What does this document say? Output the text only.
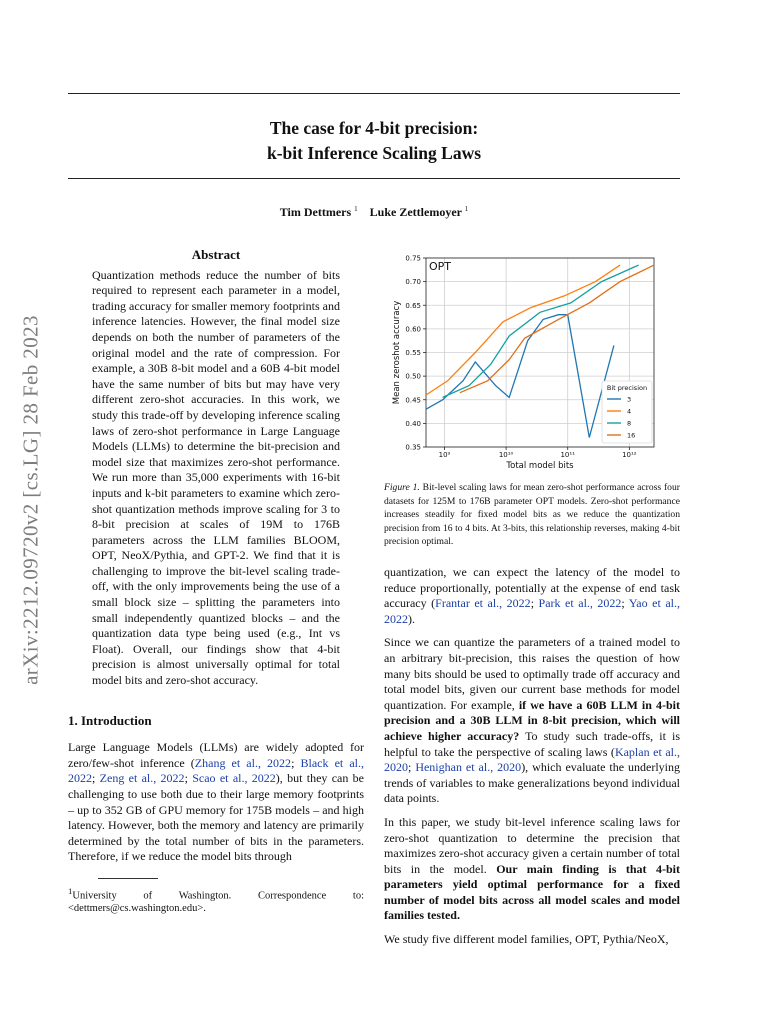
arXiv:2212.09720v2 [cs.LG] 28 Feb 2023
The case for 4-bit precision:
k-bit Inference Scaling Laws
Tim Dettmers $^1$ Luke Zettlemoyer $^1$
Abstract
Quantization methods reduce the number of bits required to represent each parameter in a model, trading accuracy for smaller memory footprints and inference latencies. However, the final model size depends on both the number of parameters of the original model and the rate of compression. For example, a 30B 8-bit model and a 60B 4-bit model have the same number of bits but may have very different zero-shot accuracies. In this work, we study this trade-off by developing inference scaling laws of zero-shot performance in Large Language Models (LLMs) to determine the bit-precision and model size that maximizes zero-shot performance. We run more than 35,000 experiments with 16-bit inputs and k-bit parameters to examine which zero-shot quantization methods improve scaling for 3 to 8-bit precision at scales of 19M to 176B parameters across the LLM families BLOOM, OPT, NeoX/Pythia, and GPT-2. We find that it is challenging to improve the bit-level scaling trade-off, with the only improvements being the use of a small block size – splitting the parameters into small independently quantized blocks – and the quantization data type being used (e.g., Int vs Float). Overall, our findings show that 4-bit precision is almost universally optimal for total model bits and zero-shot accuracy.
1. Introduction

Large Language Models (LLMs) are widely adopted for zero/few-shot inference (Zhang et al., 2022; Black et al., 2022; Zeng et al., 2022; Scao et al., 2022), but they can be challenging to use both due to their large memory footprints – up to 352 GB of GPU memory for 175B models – and high latency. However, both the memory and latency are primarily determined by the total number of bits in the parameters. Therefore, if we reduce the model bits through

$^1$University of Washington. Correspondence to: <dettmers@cs.washington.edu>.
0.35
0.40
0.45
0.50
0.55
0.60
0.65
0.70
0.75
10⁹	10¹⁰	10¹¹	10¹²
Total model bits
Mean zeroshot accuracy
OPT
Bit precision
3
4
8
16
Figure 1. Bit-level scaling laws for mean zero-shot performance across four datasets for 125M to 176B parameter OPT models. Zero-shot performance increases steadily for fixed model bits as we reduce the quantization precision from 16 to 4 bits. At 3-bits, this relationship reverses, making 4-bit precision optimal.

quantization, we can expect the latency of the model to reduce proportionally, potentially at the expense of end task accuracy (Frantar et al., 2022; Park et al., 2022; Yao et al., 2022).

Since we can quantize the parameters of a trained model to an arbitrary bit-precision, this raises the question of how many bits should be used to optimally trade off accuracy and total model bits, given our current base methods for model quantization. For example, if we have a 60B LLM in 4-bit precision and a 30B LLM in 8-bit precision, which will achieve higher accuracy? To study such trade-offs, it is helpful to take the perspective of scaling laws (Kaplan et al., 2020; Henighan et al., 2020), which evaluate the underlying trends of variables to make generalizations beyond individual data points.

In this paper, we study bit-level inference scaling laws for zero-shot quantization to determine the precision that maximizes zero-shot accuracy given a certain number of total bits in the model. Our main finding is that 4-bit parameters yield optimal performance for a fixed number of model bits across all model scales and model families tested.

We study five different model families, OPT, Pythia/NeoX,
